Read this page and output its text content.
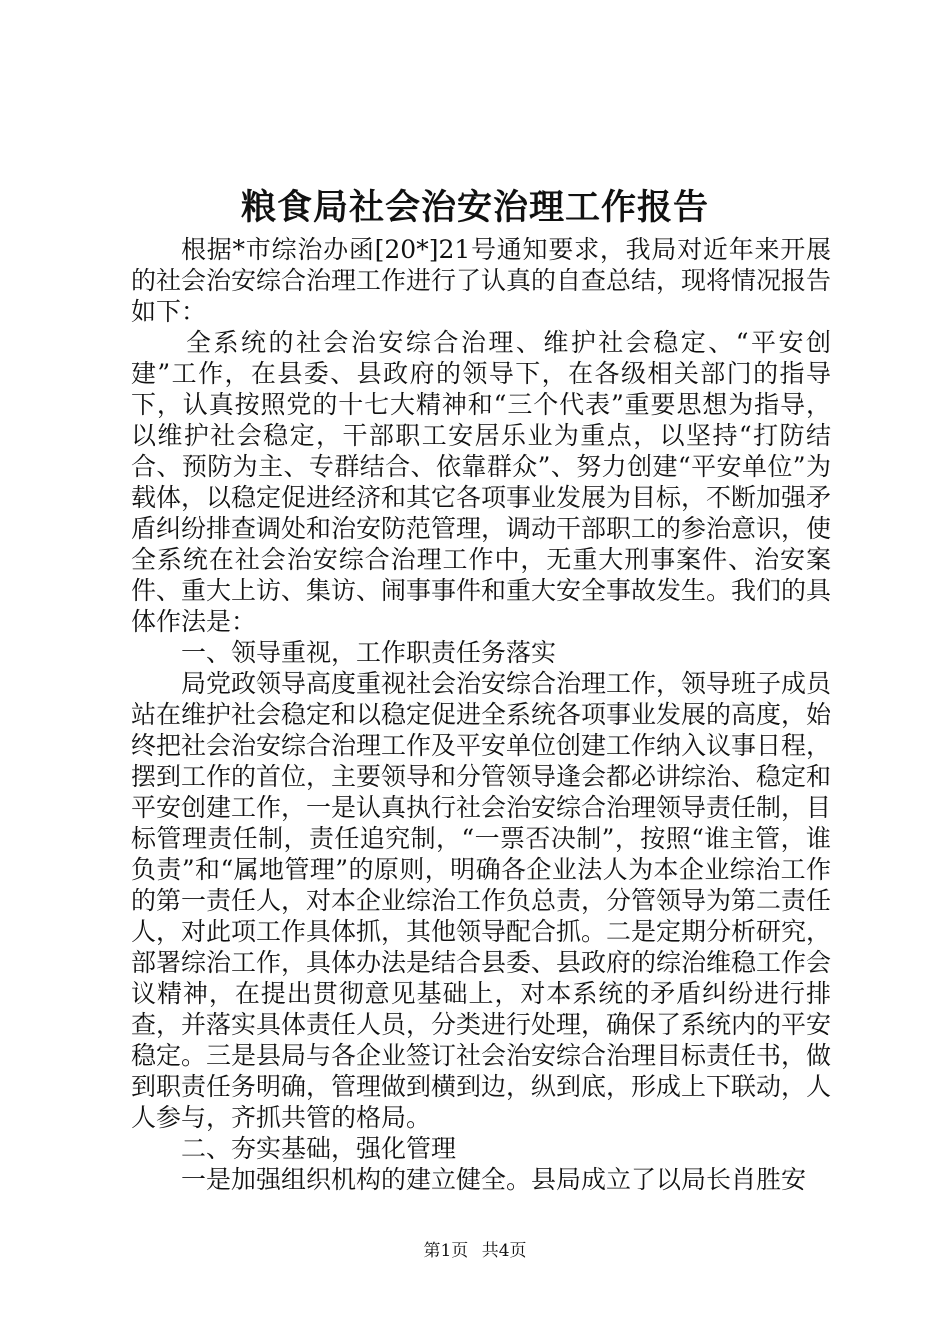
粮食局社会治安治理工作报告

根据*市综治办函[20*]21号通知要求，我局对近年来开展的社会治安综合治理工作进行了认真的自查总结，现将情况报告如下：

全系统的社会治安综合治理、维护社会稳定、“平安创建”工作，在县委、县政府的领导下，在各级相关部门的指导下，认真按照党的十七大精神和“三个代表”重要思想为指导，以维护社会稳定，干部职工安居乐业为重点，以坚持“打防结合、预防为主、专群结合、依靠群众”、努力创建“平安单位”为载体，以稳定促进经济和其它各项事业发展为目标，不断加强矛盾纠纷排查调处和治安防范管理，调动干部职工的参治意识，使全系统在社会治安综合治理工作中，无重大刑事案件、治安案件、重大上访、集访、闹事事件和重大安全事故发生。我们的具体作法是：

一、领导重视，工作职责任务落实

局党政领导高度重视社会治安综合治理工作，领导班子成员站在维护社会稳定和以稳定促进全系统各项事业发展的高度，始终把社会治安综合治理工作及平安单位创建工作纳入议事日程，摆到工作的首位，主要领导和分管领导逢会都必讲综治、稳定和平安创建工作，一是认真执行社会治安综合治理领导责任制，目标管理责任制，责任追究制，“一票否决制”，按照“谁主管，谁负责”和“属地管理”的原则，明确各企业法人为本企业综治工作的第一责任人，对本企业综治工作负总责，分管领导为第二责任人，对此项工作具体抓，其他领导配合抓。二是定期分析研究，部署综治工作，具体办法是结合县委、县政府的综治维稳工作会议精神，在提出贯彻意见基础上，对本系统的矛盾纠纷进行排查，并落实具体责任人员，分类进行处理，确保了系统内的平安稳定。三是县局与各企业签订社会治安综合治理目标责任书，做到职责任务明确，管理做到横到边，纵到底，形成上下联动，人人参与，齐抓共管的格局。

二、夯实基础，强化管理

一是加强组织机构的建立健全。县局成立了以局长肖胜安

第1页 共4页
